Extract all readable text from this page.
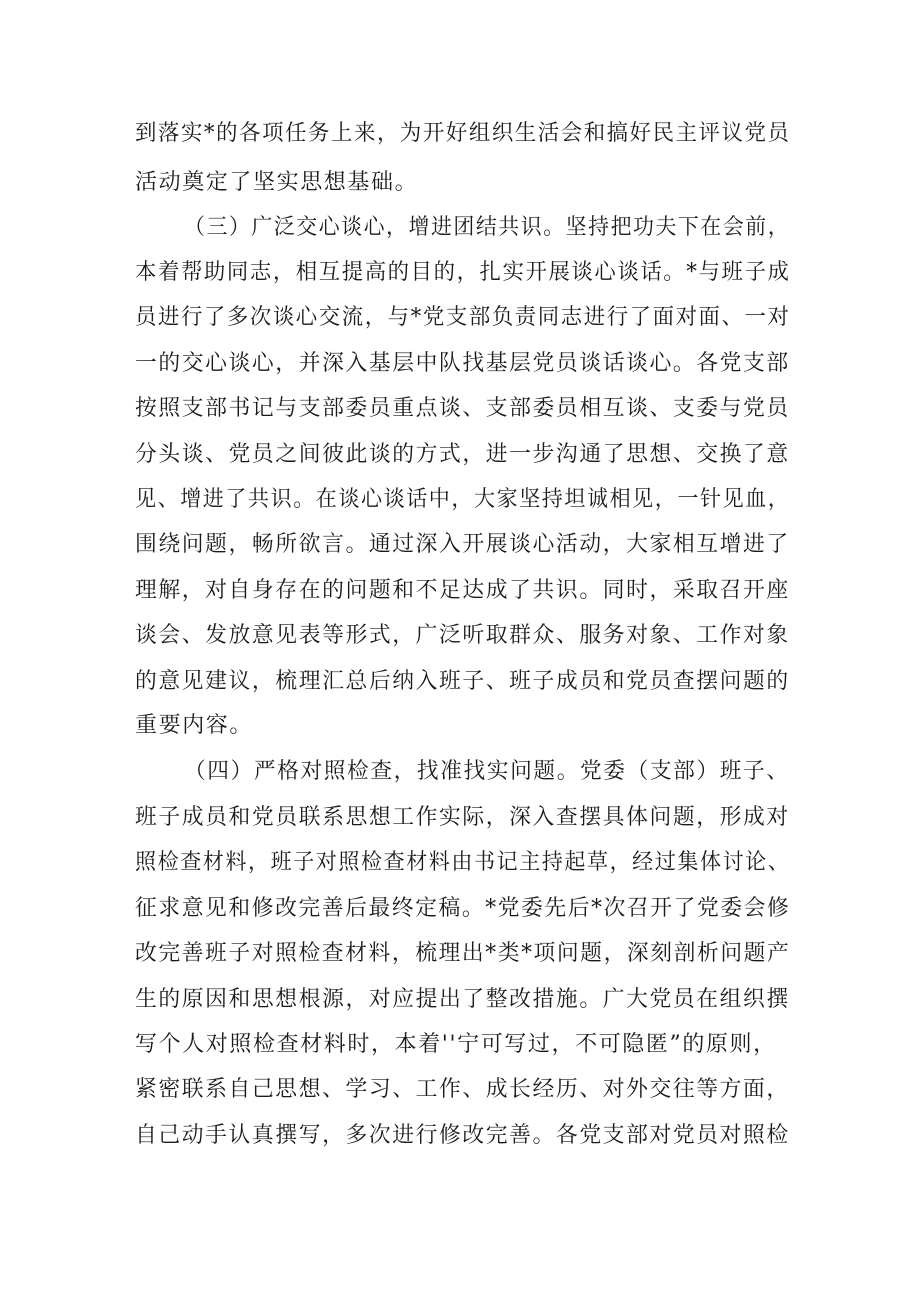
到落实*的各项任务上来，为开好组织生活会和搞好民主评议党员
活动奠定了坚实思想基础。
（三）广泛交心谈心，增进团结共识。坚持把功夫下在会前，
本着帮助同志，相互提高的目的，扎实开展谈心谈话。*与班子成
员进行了多次谈心交流，与*党支部负责同志进行了面对面、一对
一的交心谈心，并深入基层中队找基层党员谈话谈心。各党支部
按照支部书记与支部委员重点谈、支部委员相互谈、支委与党员
分头谈、党员之间彼此谈的方式，进一步沟通了思想、交换了意
见、增进了共识。在谈心谈话中，大家坚持坦诚相见，一针见血，
围绕问题，畅所欲言。通过深入开展谈心活动，大家相互增进了
理解，对自身存在的问题和不足达成了共识。同时，采取召开座
谈会、发放意见表等形式，广泛听取群众、服务对象、工作对象
的意见建议，梳理汇总后纳入班子、班子成员和党员查摆问题的
重要内容。
（四）严格对照检查，找准找实问题。党委（支部）班子、
班子成员和党员联系思想工作实际，深入查摆具体问题，形成对
照检查材料，班子对照检查材料由书记主持起草，经过集体讨论、
征求意见和修改完善后最终定稿。*党委先后*次召开了党委会修
改完善班子对照检查材料，梳理出*类*项问题，深刻剖析问题产
生的原因和思想根源，对应提出了整改措施。广大党员在组织撰
写个人对照检查材料时，本着''宁可写过，不可隐匿”的原则，
紧密联系自己思想、学习、工作、成长经历、对外交往等方面，
自己动手认真撰写，多次进行修改完善。各党支部对党员对照检
